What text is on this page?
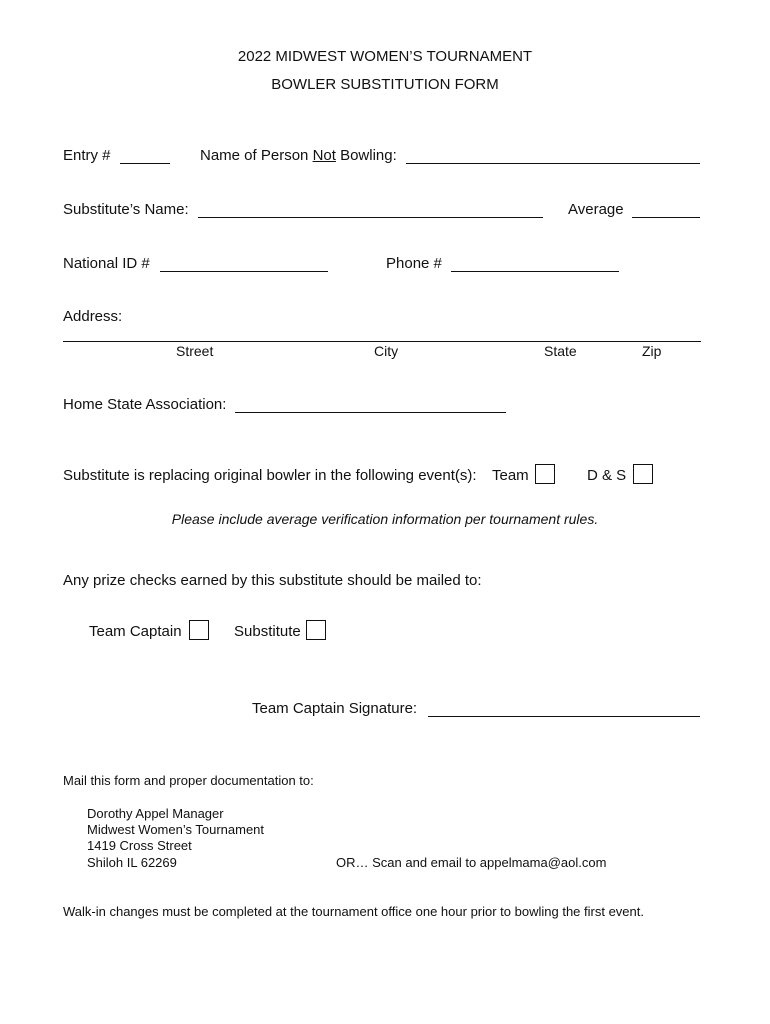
2022 MIDWEST WOMEN’S TOURNAMENT
BOWLER SUBSTITUTION FORM
Entry #	Name of Person Not Bowling:
Substitute’s Name:	Average
National ID #	Phone #
Address:
Street	City	State	Zip
Home State Association:
Substitute is replacing original bowler in the following event(s): Team	D & S
Please include average verification information per tournament rules.
Any prize checks earned by this substitute should be mailed to:
Team Captain	Substitute
Team Captain Signature:
Mail this form and proper documentation to:
Dorothy Appel Manager
Midwest Women’s Tournament
1419 Cross Street
Shiloh IL 62269	OR… Scan and email to appelmama@aol.com
Walk-in changes must be completed at the tournament office one hour prior to bowling the first event.
